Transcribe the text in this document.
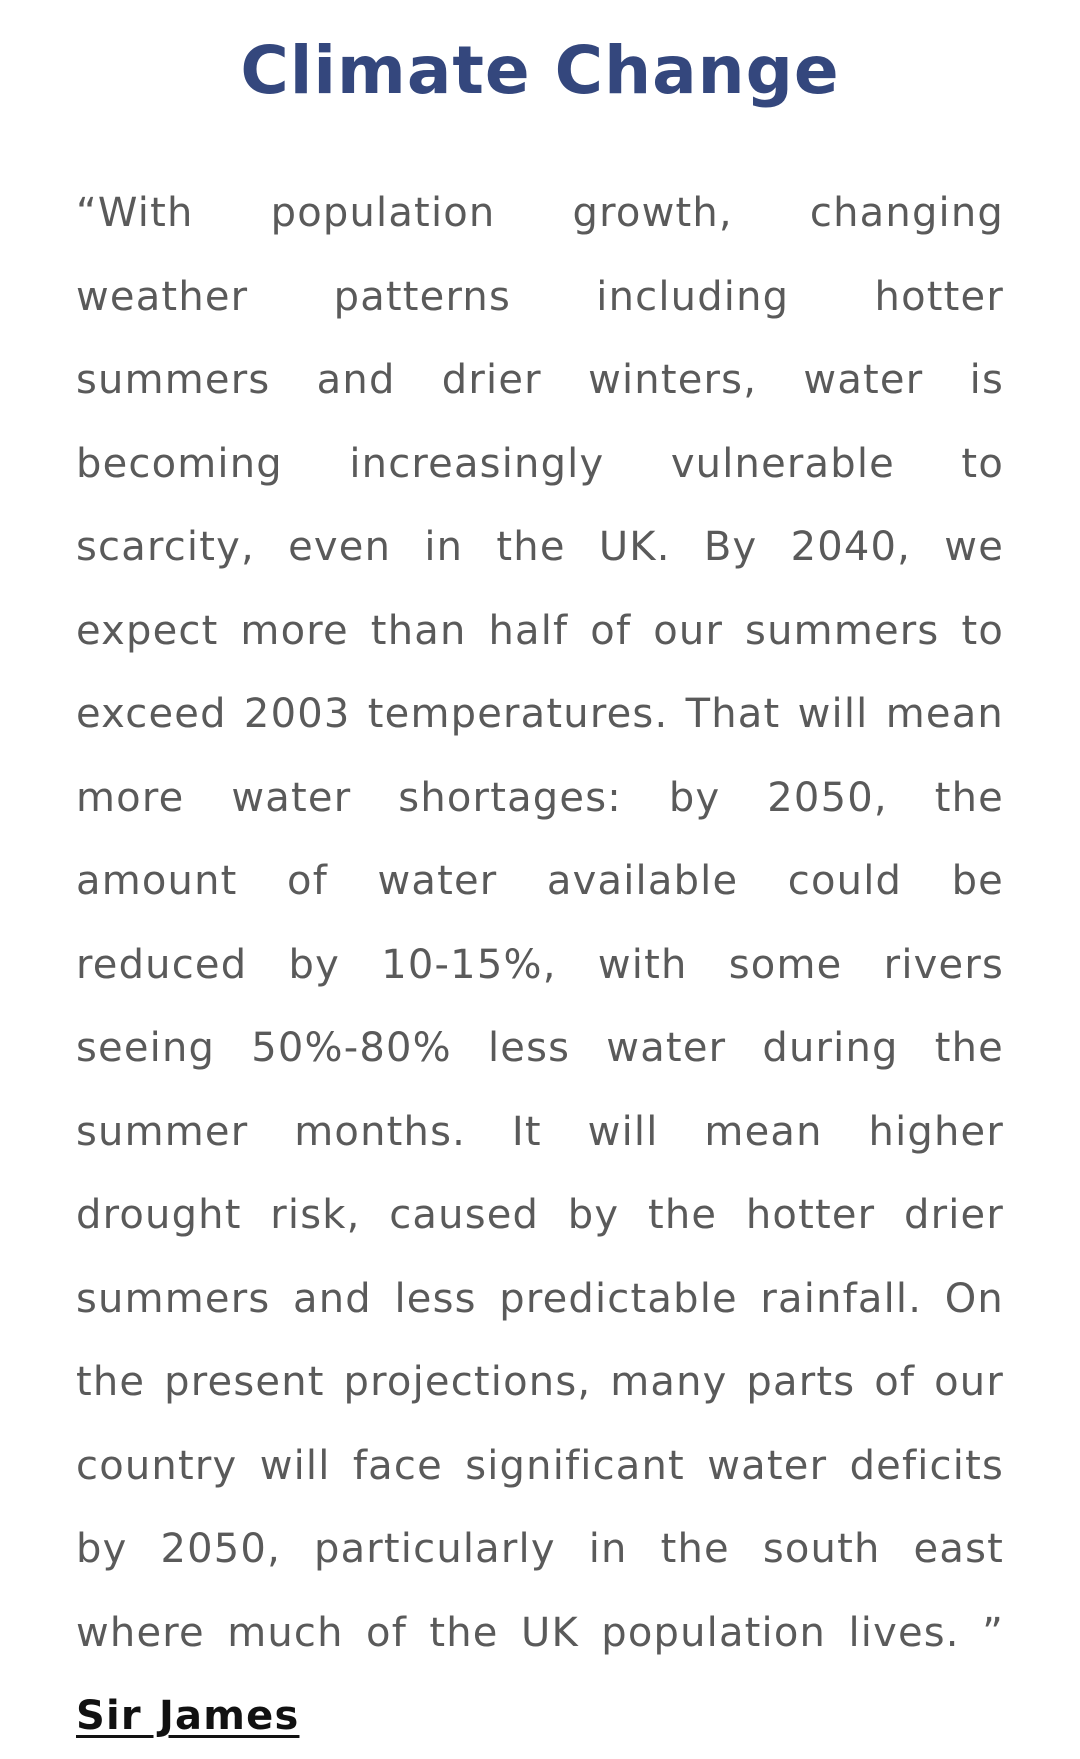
Climate Change

“With population growth, changing weather patterns including hotter summers and drier winters, water is becoming increasingly vulnerable to scarcity, even in the UK. By 2040, we expect more than half of our summers to exceed 2003 temperatures. That will mean more water shortages: by 2050, the amount of water available could be reduced by 10-15%, with some rivers seeing 50%-80% less water during the summer months. It will mean higher drought risk, caused by the hotter drier summers and less predictable rainfall. On the present projections, many parts of our country will face significant water deficits by 2050, particularly in the south east where much of the UK population lives. ” Sir James
